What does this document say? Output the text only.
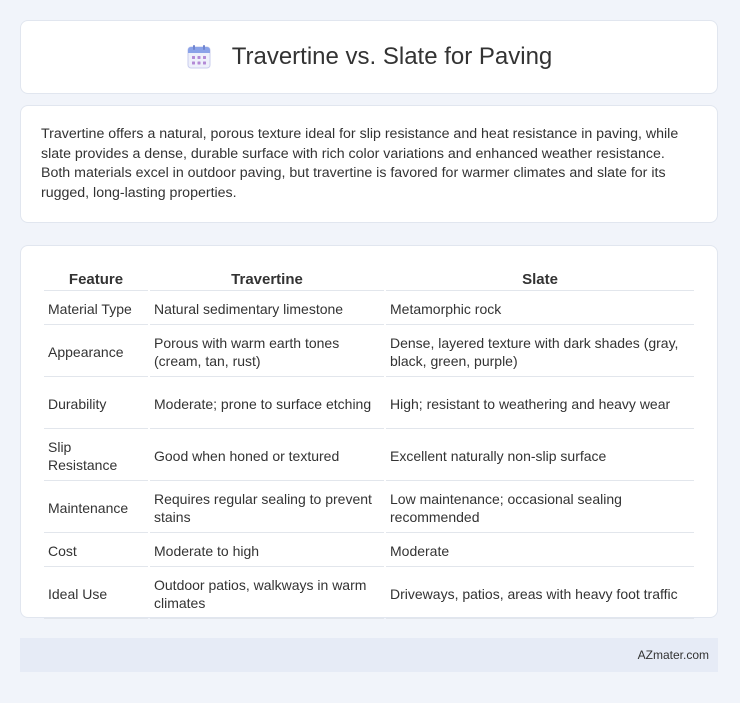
Travertine vs. Slate for Paving

Travertine offers a natural, porous texture ideal for slip resistance and heat resistance in paving, while slate provides a dense, durable surface with rich color variations and enhanced weather resistance. Both materials excel in outdoor paving, but travertine is favored for warmer climates and slate for its rugged, long-lasting properties.

Feature	Travertine	Slate
Material Type	Natural sedimentary limestone	Metamorphic rock
Appearance	Porous with warm earth tones (cream, tan, rust)	Dense, layered texture with dark shades (gray, black, green, purple)
Durability	Moderate; prone to surface etching	High; resistant to weathering and heavy wear
Slip Resistance	Good when honed or textured	Excellent naturally non-slip surface
Maintenance	Requires regular sealing to prevent stains	Low maintenance; occasional sealing recommended
Cost	Moderate to high	Moderate
Ideal Use	Outdoor patios, walkways in warm climates	Driveways, patios, areas with heavy foot traffic
AZmater.com
